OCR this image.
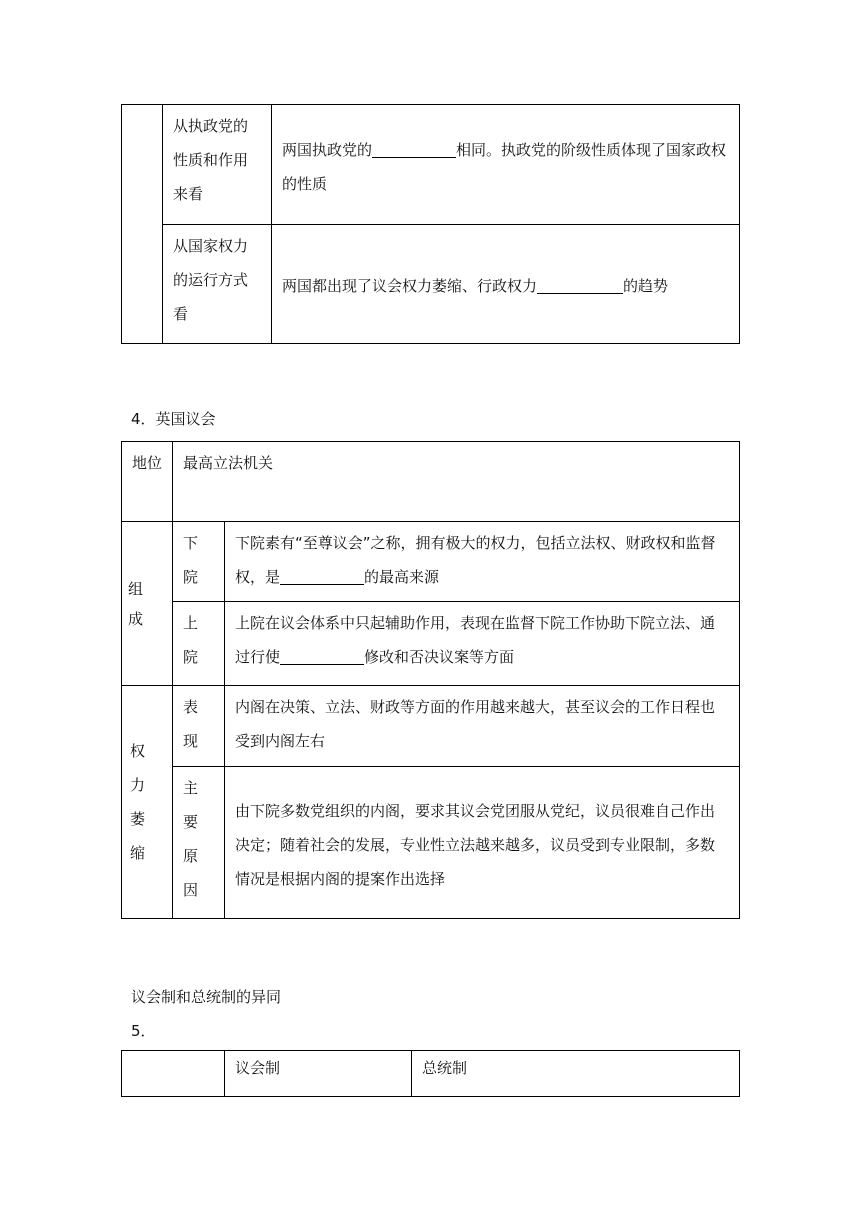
	从执政党的性质和作用来看	两国执政党的 相同。执政党的阶级性质体现了国家政权的性质
	从国家权力的运行方式看	两国都出现了议会权力萎缩、行政权力 的趋势
4．英国议会
地位	最高立法机关	

组成	下院	下院素有“至尊议会”之称，拥有极大的权力，包括立法权、财政权和监督权，是 的最高来源

	上院	上院在议会体系中只起辅助作用，表现在监督下院工作协助下院立法、通过行使 修改和否决议案等方面

权力萎缩	表现	内阁在决策、立法、财政等方面的作用越来越大，甚至议会的工作日程也受到内阁左右

	主要原因	由下院多数党组织的内阁，要求其议会党团服从党纪，议员很难自己作出决定；随着社会的发展，专业性立法越来越多，议员受到专业限制，多数情况是根据内阁的提案作出选择
议会制和总统制的异同
5．
	议会制	总统制
